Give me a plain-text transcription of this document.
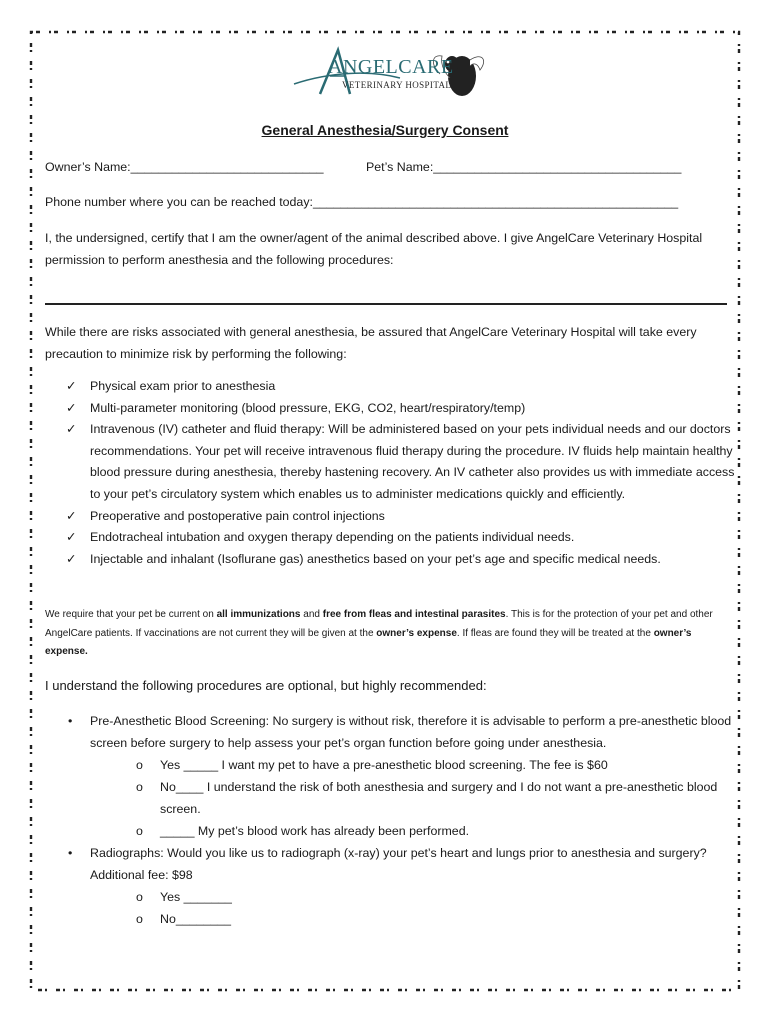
ANGELCARE
VETERINARY HOSPITAL
General Anesthesia/Surgery Consent
Owner’s Name:____________________________	Pet’s Name:____________________________________
Phone number where you can be reached today:_____________________________________________________
I, the undersigned, certify that I am the owner/agent of the animal described above. I give AngelCare Veterinary Hospital permission to perform anesthesia and the following procedures:
While there are risks associated with general anesthesia, be assured that AngelCare Veterinary Hospital will take every precaution to minimize risk by performing the following:
✓ Physical exam prior to anesthesia
✓ Multi-parameter monitoring (blood pressure, EKG, CO2, heart/respiratory/temp)
✓ Intravenous (IV) catheter and fluid therapy: Will be administered based on your pets individual needs and our doctors recommendations. Your pet will receive intravenous fluid therapy during the procedure. IV fluids help maintain healthy blood pressure during anesthesia, thereby hastening recovery. An IV catheter also provides us with immediate access to your pet’s circulatory system which enables us to administer medications quickly and efficiently.
✓ Preoperative and postoperative pain control injections
✓ Endotracheal intubation and oxygen therapy depending on the patients individual needs.
✓ Injectable and inhalant (Isoflurane gas) anesthetics based on your pet’s age and specific medical needs.
We require that your pet be current on all immunizations and free from fleas and intestinal parasites. This is for the protection of your pet and other AngelCare patients. If vaccinations are not current they will be given at the owner’s expense. If fleas are found they will be treated at the owner’s expense.
I understand the following procedures are optional, but highly recommended:
• Pre-Anesthetic Blood Screening: No surgery is without risk, therefore it is advisable to perform a pre-anesthetic blood screen before surgery to help assess your pet’s organ function before going under anesthesia.
o Yes _____ I want my pet to have a pre-anesthetic blood screening. The fee is $60
o No____ I understand the risk of both anesthesia and surgery and I do not want a pre-anesthetic blood screen.
o _____ My pet’s blood work has already been performed.
• Radiographs: Would you like us to radiograph (x-ray) your pet’s heart and lungs prior to anesthesia and surgery? Additional fee: $98
o Yes _______
o No________
